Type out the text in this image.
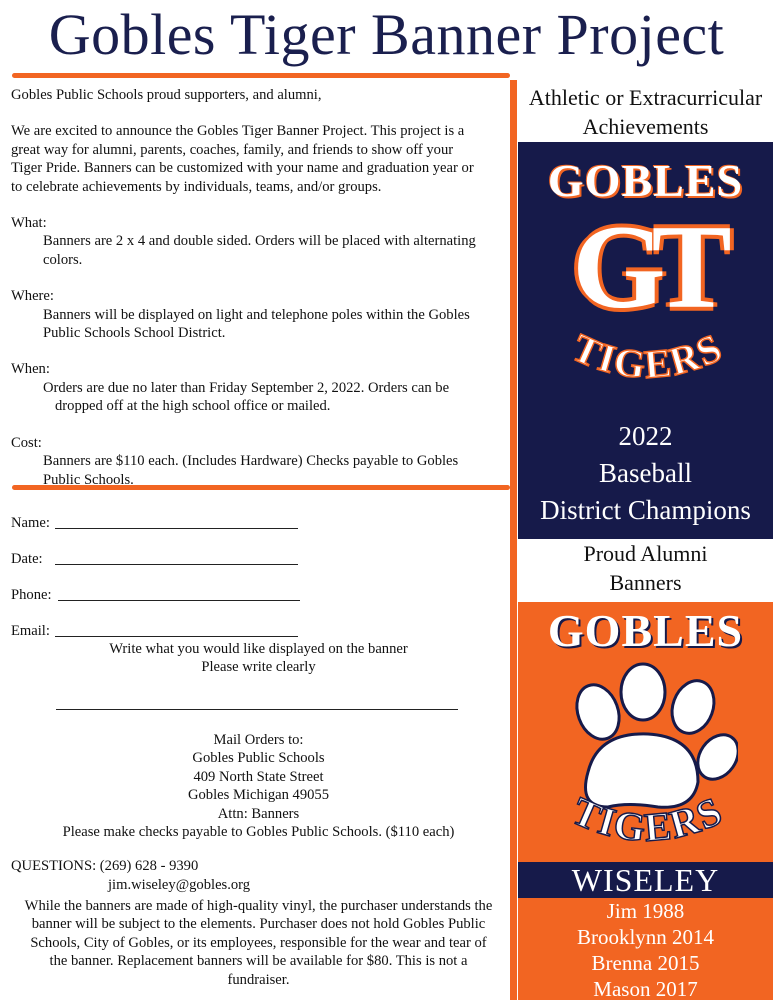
Gobles Tiger Banner Project
Gobles Public Schools proud supporters, and alumni,
We are excited to announce the Gobles Tiger Banner Project. This project is a
great way for alumni, parents, coaches, family, and friends to show off your
Tiger Pride. Banners can be customized with your name and graduation year or
to celebrate achievements by individuals, teams, and/or groups.
What:
Banners are 2 x 4 and double sided. Orders will be placed with alternating
colors.
Where:
Banners will be displayed on light and telephone poles within the Gobles
Public Schools School District.
When:
Orders are due no later than Friday September 2, 2022. Orders can be
dropped off at the high school office or mailed.
Cost:
Banners are $110 each. (Includes Hardware) Checks payable to Gobles
Public Schools.
Name:
Date:
Phone:
Email:
Write what you would like displayed on the banner
Please write clearly
Mail Orders to:
Gobles Public Schools
409 North State Street
Gobles Michigan 49055
Attn: Banners
Please make checks payable to Gobles Public Schools. ($110 each)
QUESTIONS: (269) 628 - 9390
jim.wiseley@gobles.org
While the banners are made of high-quality vinyl, the purchaser understands the
banner will be subject to the elements. Purchaser does not hold Gobles Public
Schools, City of Gobles, or its employees, responsible for the wear and tear of
the banner. Replacement banners will be available for $80. This is not a
fundraiser.
Athletic or Extracurricular
Achievements
GOBLES
GT
TIGERS
2022
Baseball
District Champions
Proud Alumni
Banners
GOBLES
TIGERS
WISELEY
Jim 1988
Brooklynn 2014
Brenna 2015
Mason 2017
